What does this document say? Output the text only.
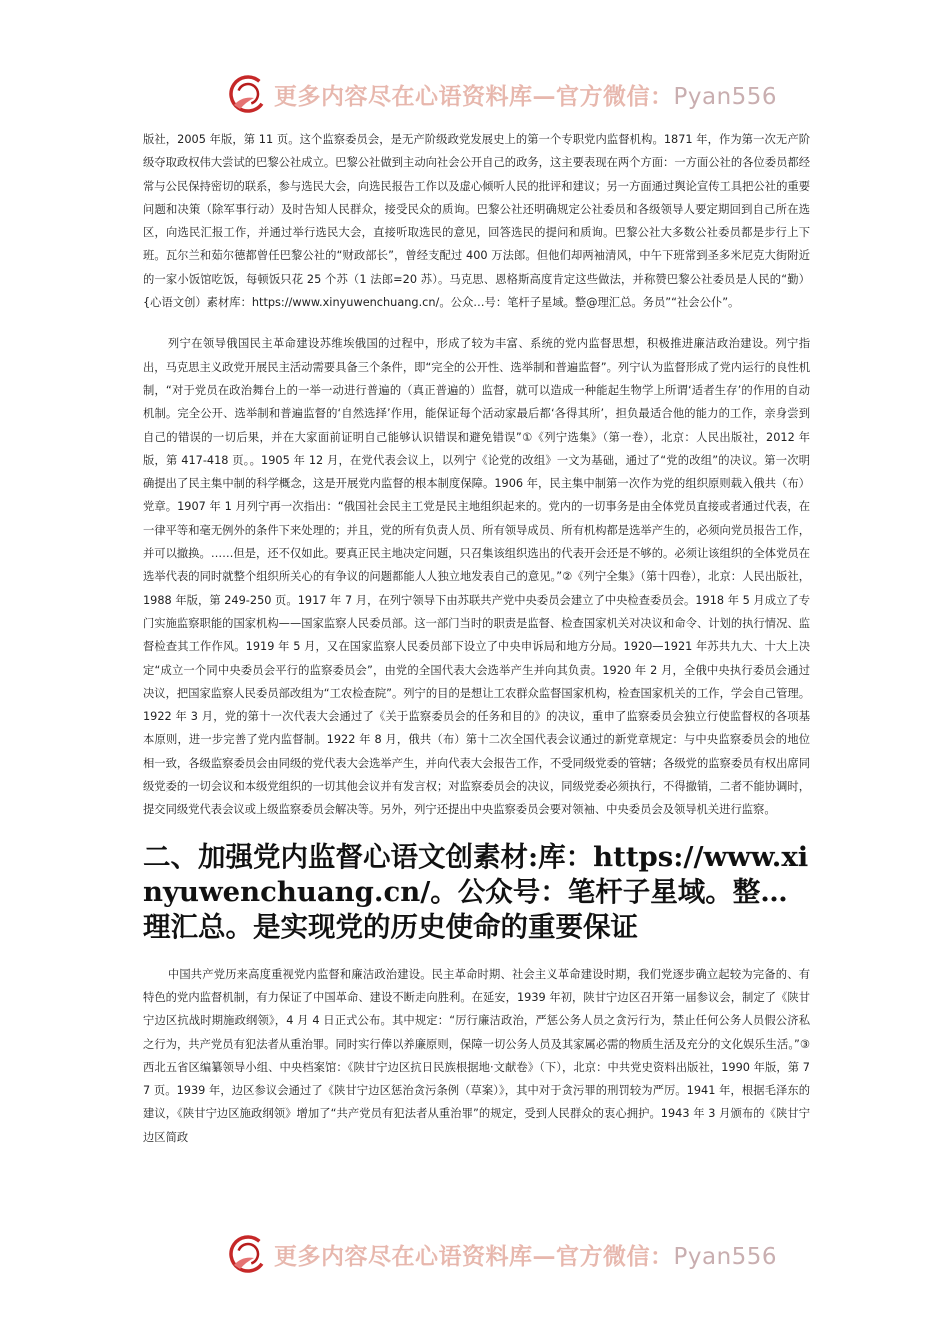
更多内容尽在心语资料库—官方微信：Pyan556

版社，2005 年版，第 11 页。这个监察委员会，是无产阶级政党发展史上的第一个专职党内监督机构。1871 年，作为第一次无产阶级夺取政权伟大尝试的巴黎公社成立。巴黎公社做到主动向社会公开自己的政务，这主要表现在两个方面：一方面公社的各位委员都经常与公民保持密切的联系，参与选民大会，向选民报告工作以及虚心倾听人民的批评和建议；另一方面通过舆论宣传工具把公社的重要问题和决策（除军事行动）及时告知人民群众，接受民众的质询。巴黎公社还明确规定公社委员和各级领导人要定期回到自己所在选区，向选民汇报工作，并通过举行选民大会，直接听取选民的意见，回答选民的提问和质询。巴黎公社大多数公社委员都是步行上下班。瓦尔兰和茹尔德都曾任巴黎公社的“财政部长”，曾经支配过 400 万法郎。但他们却两袖清风，中午下班常到圣多米尼克大街附近的一家小饭馆吃饭，每顿饭只花 25 个苏（1 法郎=20 苏）。马克思、恩格斯高度肯定这些做法，并称赞巴黎公社委员是人民的“勤）{心语文创）素材库：https://www.xinyuwenchuang.cn/。公众…号：笔杆子星域。整@理汇总。务员”“社会公仆”。

列宁在领导俄国民主革命建设苏维埃俄国的过程中，形成了较为丰富、系统的党内监督思想，积极推进廉洁政治建设。列宁指出，马克思主义政党开展民主活动需要具备三个条件，即“完全的公开性、选举制和普遍监督”。列宁认为监督形成了党内运行的良性机制，“对于党员在政治舞台上的一举一动进行普遍的（真正普遍的）监督，就可以造成一种能起生物学上所谓‘适者生存’的作用的自动机制。完全公开、选举制和普遍监督的‘自然选择’作用，能保证每个活动家最后都‘各得其所’，担负最适合他的能力的工作，亲身尝到自己的错误的一切后果，并在大家面前证明自己能够认识错误和避免错误”①《列宁选集》（第一卷），北京：人民出版社，2012 年版，第 417-418 页。。1905 年 12 月，在党代表会议上，以列宁《论党的改组》一文为基础，通过了“党的改组”的决议。第一次明确提出了民主集中制的科学概念，这是开展党内监督的根本制度保障。1906 年，民主集中制第一次作为党的组织原则载入俄共（布）党章。1907 年 1 月列宁再一次指出：“俄国社会民主工党是民主地组织起来的。党内的一切事务是由全体党员直接或者通过代表，在一律平等和毫无例外的条件下来处理的；并且，党的所有负责人员、所有领导成员、所有机构都是选举产生的，必须向党员报告工作，并可以撤换。……但是，还不仅如此。要真正民主地决定问题，只召集该组织选出的代表开会还是不够的。必须让该组织的全体党员在选举代表的同时就整个组织所关心的有争议的问题都能人人独立地发表自己的意见。”②《列宁全集》（第十四卷），北京：人民出版社，1988 年版，第 249-250 页。1917 年 7 月，在列宁领导下由苏联共产党中央委员会建立了中央检查委员会。1918 年 5 月成立了专门实施监察职能的国家机构——国家监察人民委员部。这一部门当时的职责是监督、检查国家机关对决议和命令、计划的执行情况、监督检查其工作作风。1919 年 5 月，又在国家监察人民委员部下设立了中央申诉局和地方分局。1920—1921 年苏共九大、十大上决定“成立一个同中央委员会平行的监察委员会”，由党的全国代表大会选举产生并向其负责。1920 年 2 月，全俄中央执行委员会通过决议，把国家监察人民委员部改组为“工农检查院”。列宁的目的是想让工农群众监督国家机构，检查国家机关的工作，学会自己管理。1922 年 3 月，党的第十一次代表大会通过了《关于监察委员会的任务和目的》的决议，重申了监察委员会独立行使监督权的各项基本原则，进一步完善了党内监督制。1922 年 8 月，俄共（布）第十二次全国代表会议通过的新党章规定：与中央监察委员会的地位相一致，各级监察委员会由同级的党代表大会选举产生，并向代表大会报告工作，不受同级党委的管辖；各级党的监察委员有权出席同级党委的一切会议和本级党组织的一切其他会议并有发言权；对监察委员会的决议，同级党委必须执行，不得撤销，二者不能协调时，提交同级党代表会议或上级监察委员会解决等。另外，列宁还提出中央监察委员会要对领袖、中央委员会及领导机关进行监察。

二、加强党内监督心语文创素材:库：https://www.xinyuwenchuang.cn/。公众号：笔杆子星域。整…理汇总。是实现党的历史使命的重要保证

中国共产党历来高度重视党内监督和廉洁政治建设。民主革命时期、社会主义革命建设时期，我们党逐步确立起较为完备的、有特色的党内监督机制，有力保证了中国革命、建设不断走向胜利。在延安，1939 年初，陕甘宁边区召开第一届参议会，制定了《陕甘宁边区抗战时期施政纲领》，4 月 4 日正式公布。其中规定：“厉行廉洁政治，严惩公务人员之贪污行为，禁止任何公务人员假公济私之行为，共产党员有犯法者从重治罪。同时实行俸以养廉原则，保障一切公务人员及其家属必需的物质生活及充分的文化娱乐生活。”③西北五省区编纂领导小组、中央档案馆：《陕甘宁边区抗日民族根据地·文献卷》（下），北京：中共党史资料出版社，1990 年版，第 77 页。1939 年，边区参议会通过了《陕甘宁边区惩治贪污条例（草案）》，其中对于贪污罪的刑罚较为严厉。1941 年，根据毛泽东的建议，《陕甘宁边区施政纲领》增加了“共产党员有犯法者从重治罪”的规定，受到人民群众的衷心拥护。1943 年 3 月颁布的《陕甘宁边区简政

更多内容尽在心语资料库—官方微信：Pyan556
